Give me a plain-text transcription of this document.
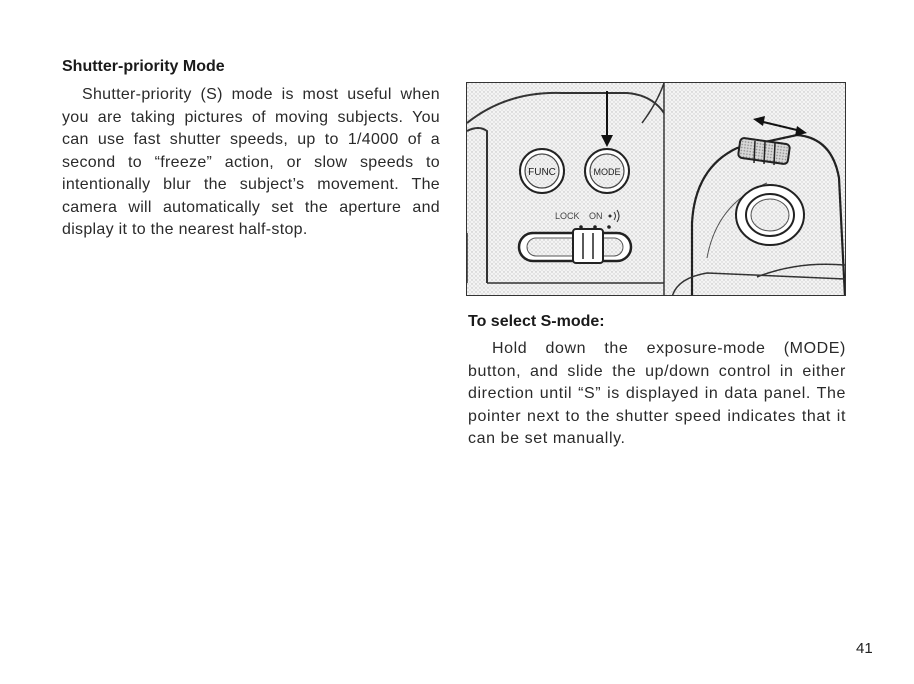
Shutter-priority Mode

Shutter-priority (S) mode is most useful when you are taking pictures of moving subjects. You can use fast shutter speeds, up to 1/4000 of a second to “freeze” action, or slow speeds to intentionally blur the subject’s movement. The camera will automatically set the aperture and display it to the nearest half-stop.

FUNC	MODE
LOCK ON
To select S-mode:

Hold down the exposure-mode (MODE) button, and slide the up/down control in either direction until “S” is displayed in data panel. The pointer next to the shutter speed indicates that it can be set manually.

41
